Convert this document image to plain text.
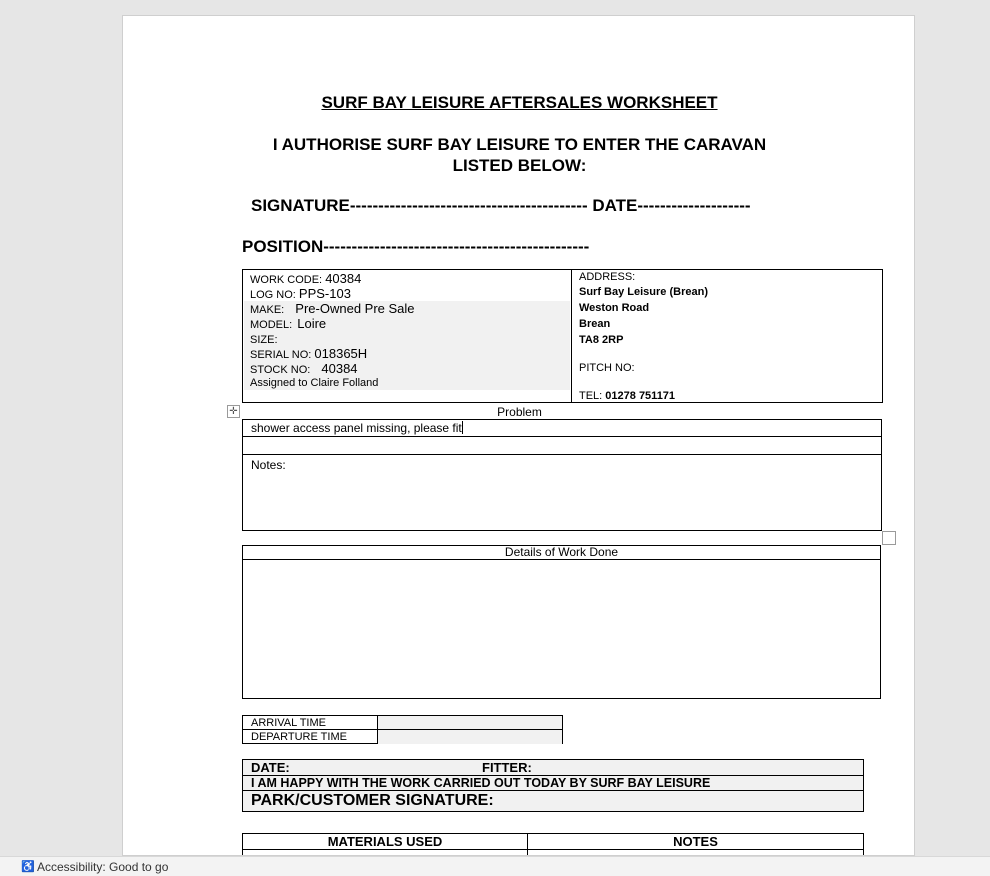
SURF BAY LEISURE AFTERSALES WORKSHEET
I AUTHORISE SURF BAY LEISURE TO ENTER THE CARAVAN
LISTED BELOW:
SIGNATURE------------------------------------------ DATE--------------------
POSITION-----------------------------------------------
WORK CODE: 40384
LOG NO: PPS-103
MAKE: Pre-Owned Pre Sale
MODEL: Loire
SIZE:
SERIAL NO: 018365H
STOCK NO: 40384
Assigned to Claire Folland
ADDRESS:
Surf Bay Leisure (Brean)
Weston Road
Brean
TA8 2RP
PITCH NO:
TEL: 01278 751171
✛	Problem
shower access panel missing, please fit
Notes:
Details of Work Done
ARRIVAL TIME
DEPARTURE TIME
DATE:	FITTER:
I AM HAPPY WITH THE WORK CARRIED OUT TODAY BY SURF BAY LEISURE
PARK/CUSTOMER SIGNATURE:
MATERIALS USED	NOTES
♿ Accessibility: Good to go
